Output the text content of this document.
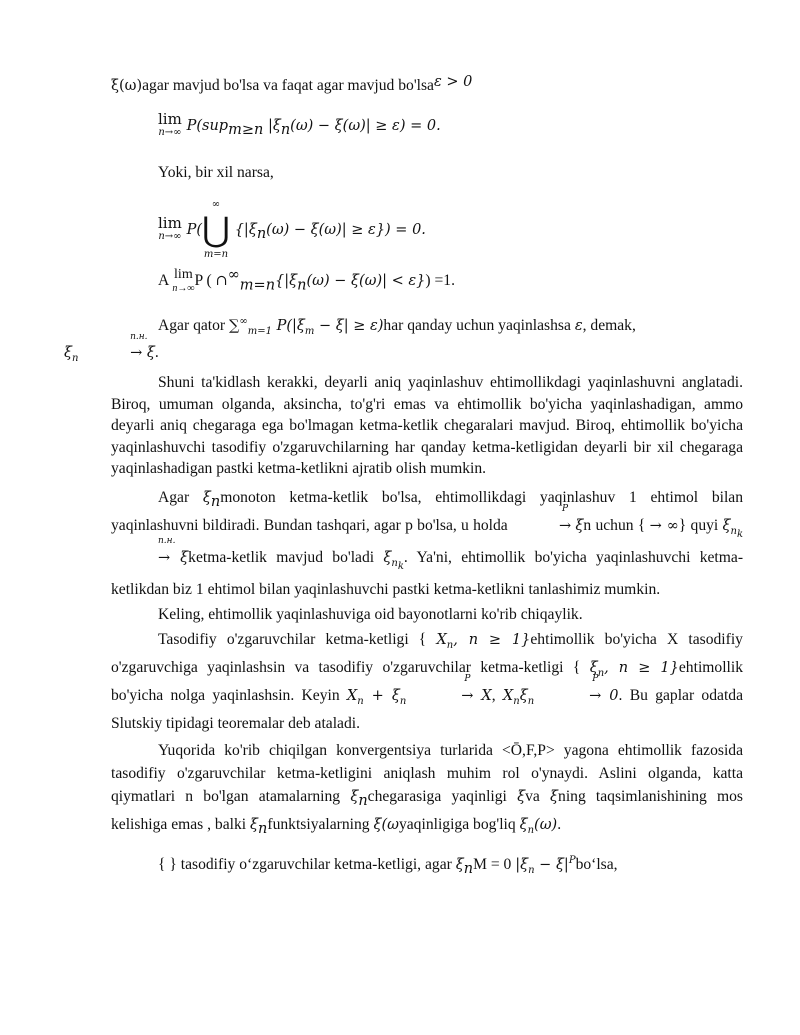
ξ(ω)agar mavjud bo'lsa va faqat agar mavjud bo'lsaε > 0

lim
n→∞ P(sup$_{m\ge n}$ $|\xi_n(\omega) - \xi(\omega)| \ge \varepsilon) = 0$.

Yoki, bir xil narsa,

lim
n→∞ P(
∞
⋃
m=n
$\{|\xi_n(\omega) - \xi(\omega)| \ge \varepsilon\}) = 0$.

A lim
n→∞ P ( $\cap^\infty_{m=n}\{|\xi_n(\omega) - \xi(\omega)| < \varepsilon\}) =1$.

Agar qator $\sum^\infty_{m=1}$ $P(|\xi_m - \xi| \ge \varepsilon)har$ qanday uchun yaqinlashsa ε, demak,
$\xi_n$
п.н.
→ ξ.

Shuni ta'kidlash kerakki, deyarli aniq yaqinlashuv ehtimollikdagi yaqinlashuvni anglatadi. Biroq, umuman olganda, aksincha, to'g'ri emas va ehtimollik bo'yicha yaqinlashadigan, ammo deyarli aniq chegaraga ega bo'lmagan ketma-ketlik chegaralari mavjud. Biroq, ehtimollik bo'yicha yaqinlashuvchi tasodifiy o'zgaruvchilarning har qanday ketma-ketligidan deyarli bir xil chegaraga yaqinlashadigan pastki ketma-ketlikni ajratib olish mumkin.

Agar $\xi_nmonoton$ ketma-ketlik bo'lsa, ehtimollikdagi yaqinlashuv 1 ehtimol bilan yaqinlashuvni bildiradi. Bundan tashqari, agar p bo'lsa, u holda
P
→ ξn uchun { → ∞} quyi $\xi_{n_k}$
п.н.
→ ξketma-ketlik mavjud bo'ladi $\xi_{n_k}$. Ya'ni, ehtimollik bo'yicha yaqinlashuvchi ketma-ketlikdan biz 1 ehtimol bilan yaqinlashuvchi pastki ketma-ketlikni tanlashimiz mumkin.

Keling, ehtimollik yaqinlashuviga oid bayonotlarni ko'rib chiqaylik.

Tasodifiy o'zgaruvchilar ketma-ketligi { $X_n$, n ≥ 1}ehtimollik bo'yicha X tasodifiy o'zgaruvchiga yaqinlashsin va tasodifiy o'zgaruvchilar ketma-ketligi { $\xi_n$, n ≥ 1}ehtimollik bo'yicha nolga yaqinlashsin. Keyin $X_n + \xi_n$
P
→ X, $X_n\xi_n$
P
→ 0. Bu gaplar odatda Slutskiy tipidagi teoremalar deb ataladi.

Yuqorida ko'rib chiqilgan konvergentsiya turlarida <Ō,F,P> yagona ehtimollik fazosida tasodifiy o'zgaruvchilar ketma-ketligini aniqlash muhim rol o'ynaydi. Aslini olganda, katta qiymatlari n bo'lgan atamalarning $\xi_nchegarasiga$ yaqinligi ξva ξning taqsimlanishining mos kelishiga emas , balki $\xi_nfunktsiyalarning$ ξ(ωyaqinligiga bog'liq $\xi_n(\omega)$.

{ } tasodifiy o‘zgaruvchilar ketma-ketligi, agar $\xi_nM = 0$ $|\xi_n$ − $\xi|^Pbo‘lsa$,
